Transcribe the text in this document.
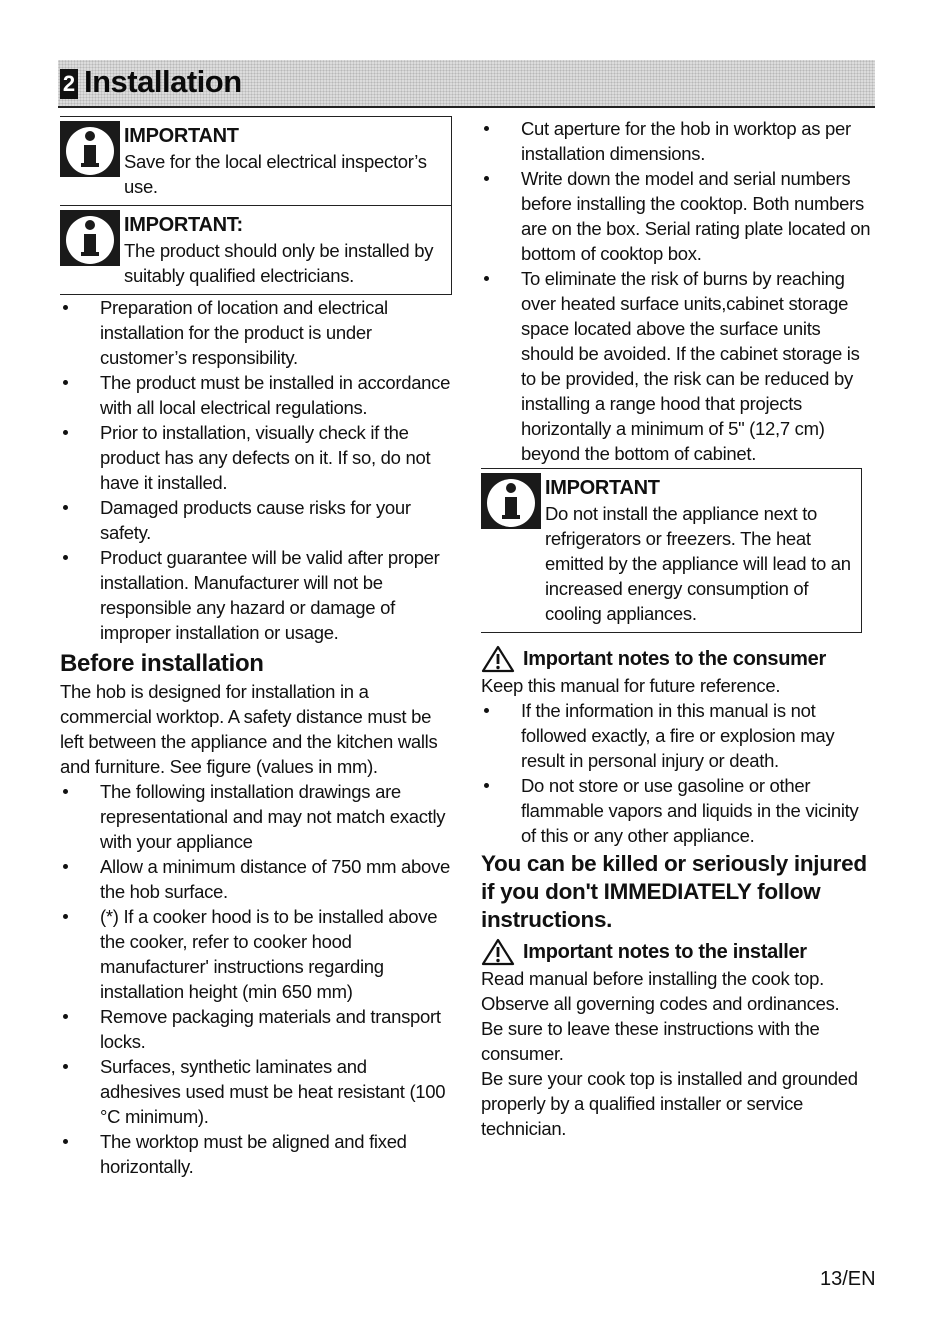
2 Installation
IMPORTANT
Save for the local electrical inspector’s use.
IMPORTANT:
The product should only be installed by suitably qualified electricians.
Preparation of location and electrical installation for the product is under customer’s responsibility.
The product must be installed in accordance with all local electrical regulations.
Prior to installation, visually check if the product has any defects on it. If so, do not have it installed.
Damaged products cause risks for your safety.
Product guarantee will be valid after proper installation. Manufacturer will not be responsible any hazard or damage of improper installation or usage.
Before installation

The hob is designed for installation in a commercial worktop. A safety distance must be left between the appliance and the kitchen walls and furniture. See figure (values in mm).

The following installation drawings are representational and may not match exactly with your appliance
Allow a minimum distance of 750 mm above the hob surface.
(*) If a cooker hood is to be installed above the cooker, refer to cooker hood manufacturer' instructions regarding installation height (min 650 mm)
Remove packaging materials and transport locks.
Surfaces, synthetic laminates and adhesives used must be heat resistant (100 °C minimum).
The worktop must be aligned and fixed horizontally.
Cut aperture for the hob in worktop as per installation dimensions.
Write down the model and serial numbers before installing the cooktop. Both numbers are on the box. Serial rating plate located on bottom of cooktop box.
To eliminate the risk of burns by reaching over heated surface units,cabinet storage space located above the surface units should be avoided. If the cabinet storage is to be provided, the risk can be reduced by installing a range hood that projects horizontally a minimum of 5" (12,7 cm) beyond the bottom of cabinet.
IMPORTANT
Do not install the appliance next to refrigerators or freezers. The heat emitted by the appliance will lead to an increased energy consumption of cooling appliances.
Important notes to the consumer

Keep this manual for future reference.

If the information in this manual is not followed exactly, a fire or explosion may result in personal injury or death.
Do not store or use gasoline or other flammable vapors and liquids in the vicinity of this or any other appliance.
You can be killed or seriously injured if you don't IMMEDIATELY follow instructions.
Important notes to the installer

Read manual before installing the cook top.

Observe all governing codes and ordinances.

Be sure to leave these instructions with the consumer.

Be sure your cook top is installed and grounded properly by a qualified installer or service technician.

13/EN
